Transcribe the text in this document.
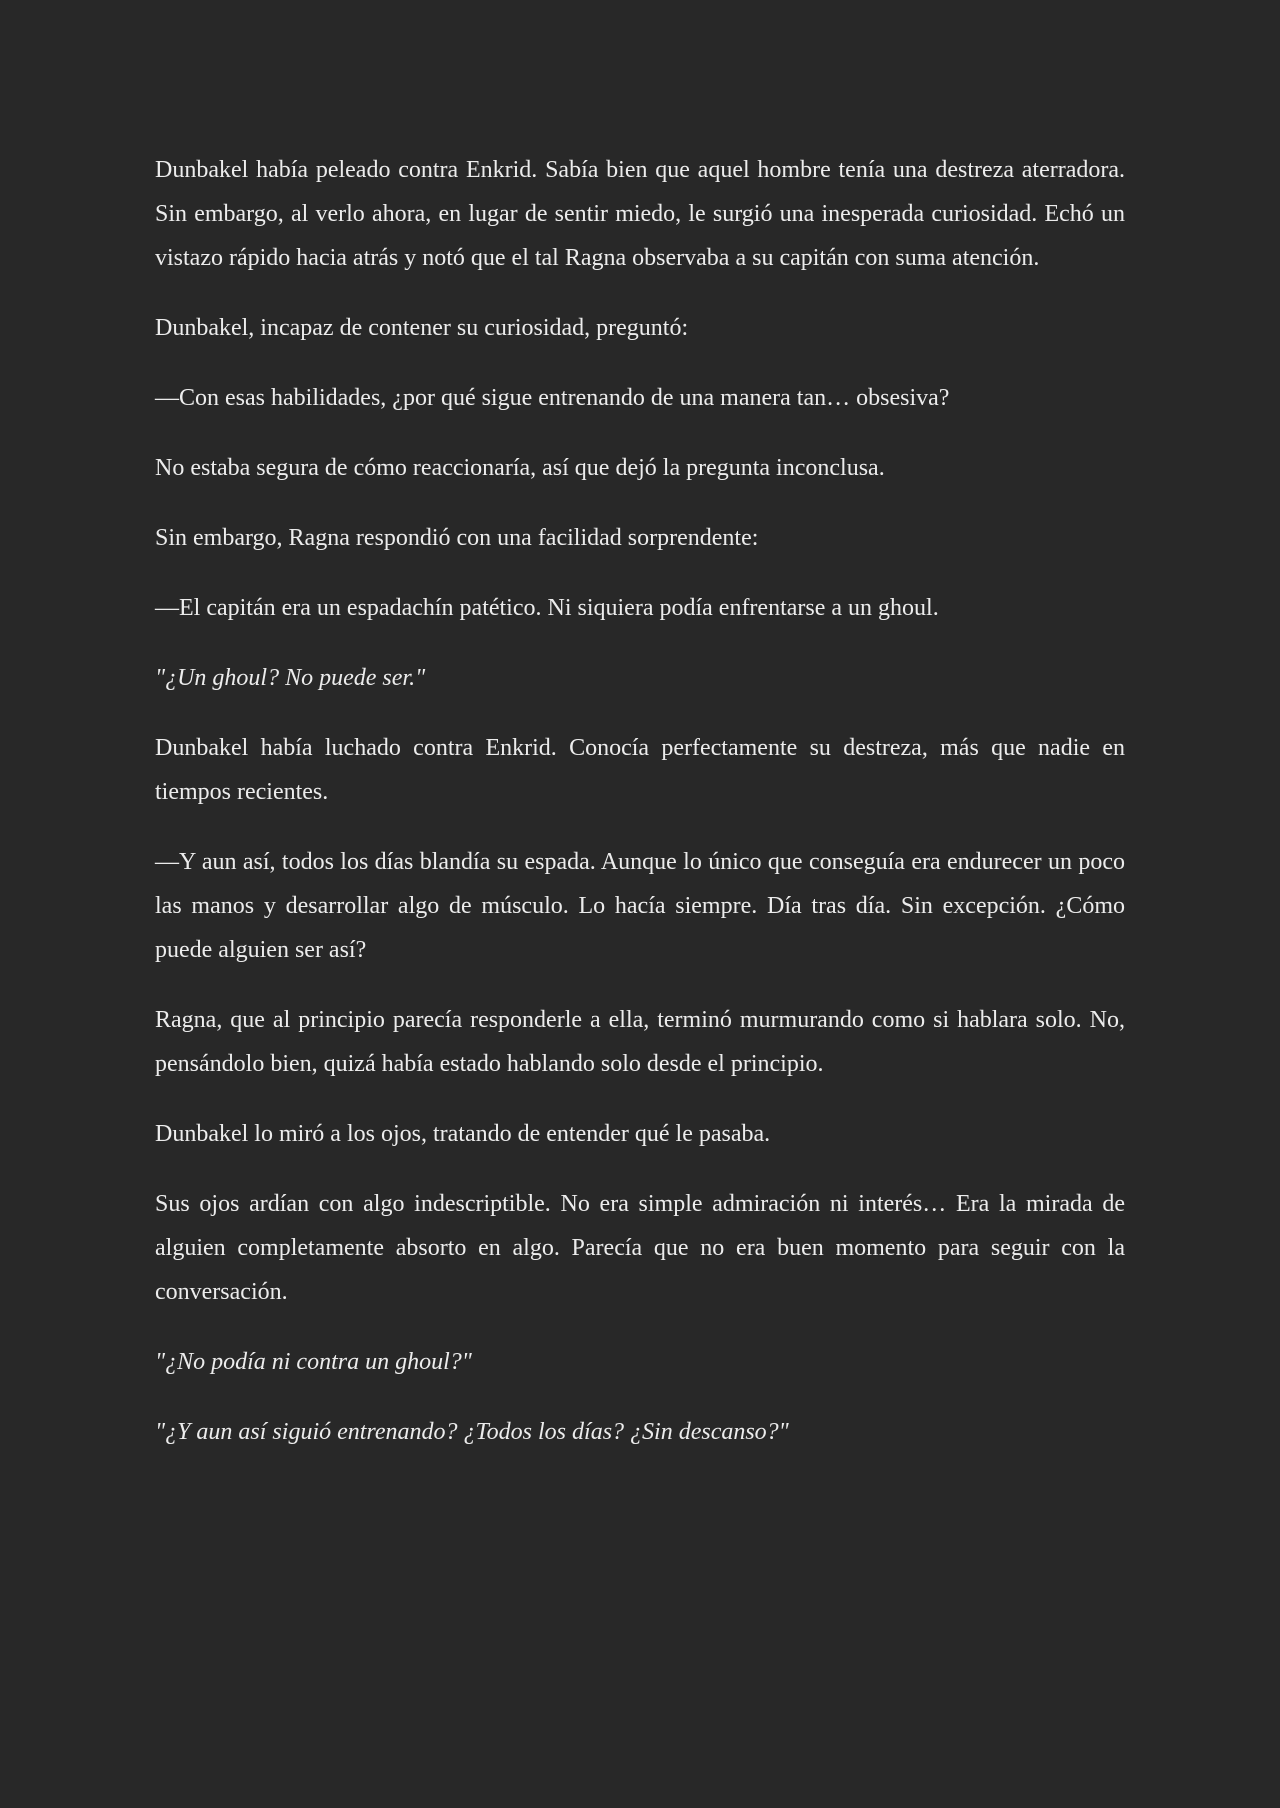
Dunbakel había peleado contra Enkrid. Sabía bien que aquel hombre tenía una destreza aterradora. Sin embargo, al verlo ahora, en lugar de sentir miedo, le surgió una inesperada curiosidad. Echó un vistazo rápido hacia atrás y notó que el tal Ragna observaba a su capitán con suma atención.

Dunbakel, incapaz de contener su curiosidad, preguntó:

—Con esas habilidades, ¿por qué sigue entrenando de una manera tan… obsesiva?

No estaba segura de cómo reaccionaría, así que dejó la pregunta inconclusa.

Sin embargo, Ragna respondió con una facilidad sorprendente:

—El capitán era un espadachín patético. Ni siquiera podía enfrentarse a un ghoul.

"¿Un ghoul? No puede ser."

Dunbakel había luchado contra Enkrid. Conocía perfectamente su destreza, más que nadie en tiempos recientes.

—Y aun así, todos los días blandía su espada. Aunque lo único que conseguía era endurecer un poco las manos y desarrollar algo de músculo. Lo hacía siempre. Día tras día. Sin excepción. ¿Cómo puede alguien ser así?

Ragna, que al principio parecía responderle a ella, terminó murmurando como si hablara solo. No, pensándolo bien, quizá había estado hablando solo desde el principio.

Dunbakel lo miró a los ojos, tratando de entender qué le pasaba.

Sus ojos ardían con algo indescriptible. No era simple admiración ni interés… Era la mirada de alguien completamente absorto en algo. Parecía que no era buen momento para seguir con la conversación.

"¿No podía ni contra un ghoul?"

"¿Y aun así siguió entrenando? ¿Todos los días? ¿Sin descanso?"
